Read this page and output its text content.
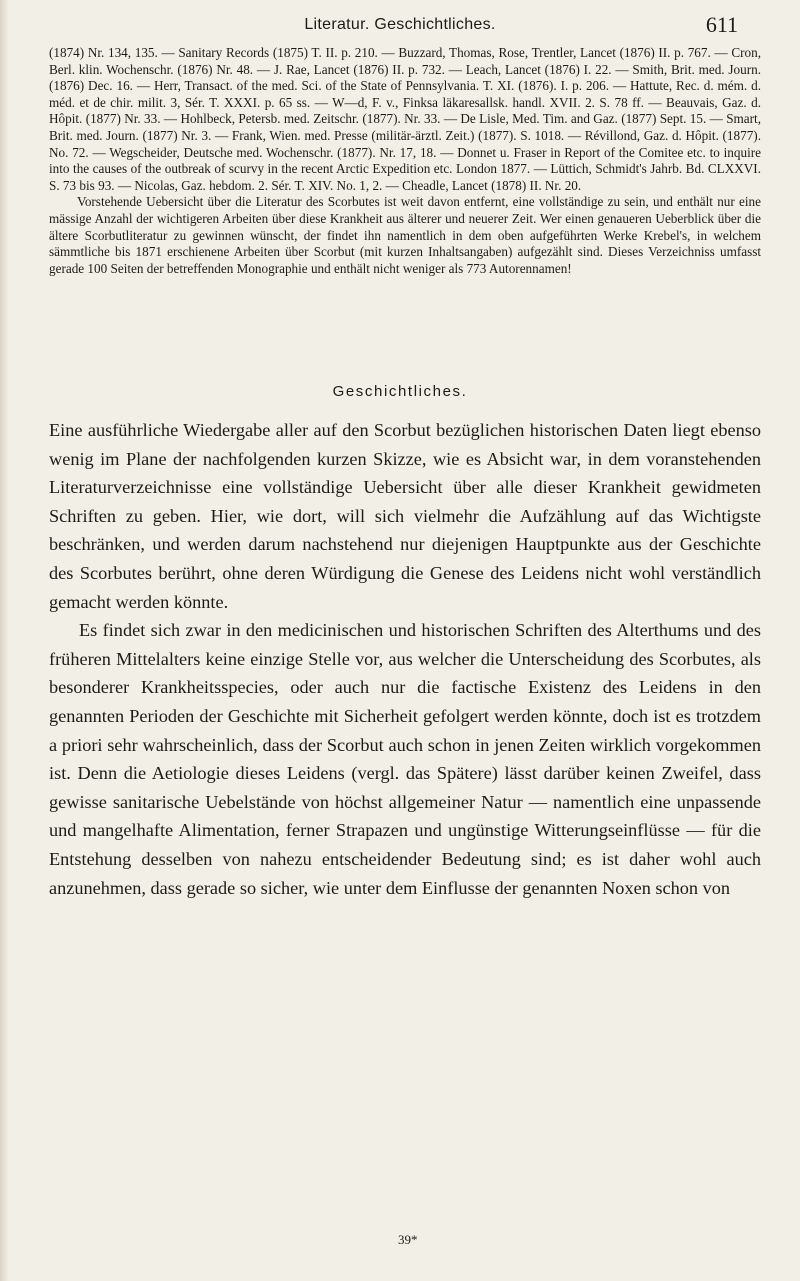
Literatur. Geschichtliches.	611

(1874) Nr. 134, 135. — Sanitary Records (1875) T. II. p. 210. — Buzzard, Thomas, Rose, Trentler, Lancet (1876) II. p. 767. — Cron, Berl. klin. Wochenschr. (1876) Nr. 48. — J. Rae, Lancet (1876) II. p. 732. — Leach, Lancet (1876) I. 22. — Smith, Brit. med. Journ. (1876) Dec. 16. — Herr, Transact. of the med. Sci. of the State of Pennsylvania. T. XI. (1876). I. p. 206. — Hattute, Rec. d. mém. d. méd. et de chir. milit. 3, Sér. T. XXXI. p. 65 ss. — W—d, F. v., Finksa läkaresallsk. handl. XVII. 2. S. 78 ff. — Beauvais, Gaz. d. Hôpit. (1877) Nr. 33. — Hohlbeck, Petersb. med. Zeitschr. (1877). Nr. 33. — De Lisle, Med. Tim. and Gaz. (1877) Sept. 15. — Smart, Brit. med. Journ. (1877) Nr. 3. — Frank, Wien. med. Presse (militär-ärztl. Zeit.) (1877). S. 1018. — Révillond, Gaz. d. Hôpit. (1877). No. 72. — Wegscheider, Deutsche med. Wochenschr. (1877). Nr. 17, 18. — Donnet u. Fraser in Report of the Comitee etc. to inquire into the causes of the outbreak of scurvy in the recent Arctic Expedition etc. London 1877. — Lüttich, Schmidt's Jahrb. Bd. CLXXVI. S. 73 bis 93. — Nicolas, Gaz. hebdom. 2. Sér. T. XIV. No. 1, 2. — Cheadle, Lancet (1878) II. Nr. 20.

Vorstehende Uebersicht über die Literatur des Scorbutes ist weit davon entfernt, eine vollständige zu sein, und enthält nur eine mässige Anzahl der wichtigeren Arbeiten über diese Krankheit aus älterer und neuerer Zeit. Wer einen genaueren Ueberblick über die ältere Scorbutliteratur zu gewinnen wünscht, der findet ihn namentlich in dem oben aufgeführten Werke Krebel's, in welchem sämmtliche bis 1871 erschienene Arbeiten über Scorbut (mit kurzen Inhaltsangaben) aufgezählt sind. Dieses Verzeichniss umfasst gerade 100 Seiten der betreffenden Monographie und enthält nicht weniger als 773 Autorennamen!

Geschichtliches.

Eine ausführliche Wiedergabe aller auf den Scorbut bezüglichen historischen Daten liegt ebenso wenig im Plane der nachfolgenden kurzen Skizze, wie es Absicht war, in dem voranstehenden Literaturverzeichnisse eine vollständige Uebersicht über alle dieser Krankheit gewidmeten Schriften zu geben. Hier, wie dort, will sich vielmehr die Aufzählung auf das Wichtigste beschränken, und werden darum nachstehend nur diejenigen Hauptpunkte aus der Geschichte des Scorbutes berührt, ohne deren Würdigung die Genese des Leidens nicht wohl verständlich gemacht werden könnte.

Es findet sich zwar in den medicinischen und historischen Schriften des Alterthums und des früheren Mittelalters keine einzige Stelle vor, aus welcher die Unterscheidung des Scorbutes, als besonderer Krankheitsspecies, oder auch nur die factische Existenz des Leidens in den genannten Perioden der Geschichte mit Sicherheit gefolgert werden könnte, doch ist es trotzdem a priori sehr wahrscheinlich, dass der Scorbut auch schon in jenen Zeiten wirklich vorgekommen ist. Denn die Aetiologie dieses Leidens (vergl. das Spätere) lässt darüber keinen Zweifel, dass gewisse sanitarische Uebelstände von höchst allgemeiner Natur — namentlich eine unpassende und mangelhafte Alimentation, ferner Strapazen und ungünstige Witterungseinflüsse — für die Entstehung desselben von nahezu entscheidender Bedeutung sind; es ist daher wohl auch anzunehmen, dass gerade so sicher, wie unter dem Einflusse der genannten Noxen schon von

39*
